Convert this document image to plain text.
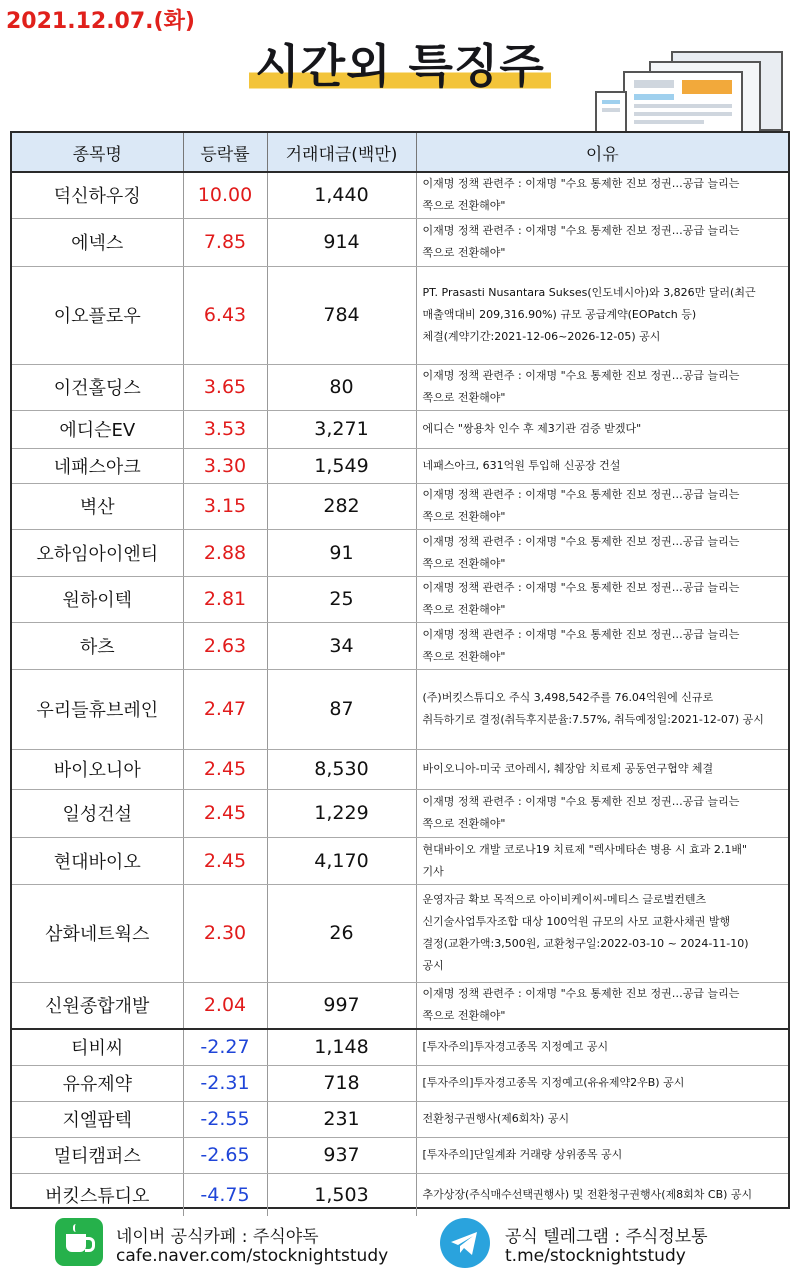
2021.12.07.(화)
시간외 특징주
종목명	등락률	거래대금(백만)	이유
덕신하우징	10.00	1,440	이재명 정책 관련주 : 이재명 "수요 통제한 진보 정권…공급 늘리는
쪽으로 전환해야"

에넥스	7.85	914	이재명 정책 관련주 : 이재명 "수요 통제한 진보 정권…공급 늘리는
쪽으로 전환해야"

이오플로우	6.43	784	PT. Prasasti Nusantara Sukses(인도네시아)와 3,826만 달러(최근
매출액대비 209,316.90%) 규모 공급계약(EOPatch 등)
체결(계약기간:2021-12-06~2026-12-05) 공시

이건홀딩스	3.65	80	이재명 정책 관련주 : 이재명 "수요 통제한 진보 정권…공급 늘리는
쪽으로 전환해야"

에디슨EV	3.53	3,271	에디슨 "쌍용차 인수 후 제3기관 검증 받겠다"

네패스아크	3.30	1,549	네패스아크, 631억원 투입해 신공장 건설

벽산	3.15	282	이재명 정책 관련주 : 이재명 "수요 통제한 진보 정권…공급 늘리는
쪽으로 전환해야"

오하임아이엔티	2.88	91	이재명 정책 관련주 : 이재명 "수요 통제한 진보 정권…공급 늘리는
쪽으로 전환해야"

원하이텍	2.81	25	이재명 정책 관련주 : 이재명 "수요 통제한 진보 정권…공급 늘리는
쪽으로 전환해야"

하츠	2.63	34	이재명 정책 관련주 : 이재명 "수요 통제한 진보 정권…공급 늘리는
쪽으로 전환해야"

우리들휴브레인	2.47	87	(주)버킷스튜디오 주식 3,498,542주를 76.04억원에 신규로
취득하기로 결정(취득후지분율:7.57%, 취득예정일:2021-12-07) 공시

바이오니아	2.45	8,530	바이오니아-미국 코아레시, 췌장암 치료제 공동연구협약 체결

일성건설	2.45	1,229	이재명 정책 관련주 : 이재명 "수요 통제한 진보 정권…공급 늘리는
쪽으로 전환해야"

현대바이오	2.45	4,170	현대바이오 개발 코로나19 치료제 "렉사메타손 병용 시 효과 2.1배"
기사

삼화네트웍스	2.30	26	운영자금 확보 목적으로 아이비케이씨-메티스 글로벌컨텐츠
신기술사업투자조합 대상 100억원 규모의 사모 교환사채권 발행
결정(교환가액:3,500원, 교환청구일:2022-03-10 ~ 2024-11-10)
공시

신원종합개발	2.04	997	이재명 정책 관련주 : 이재명 "수요 통제한 진보 정권…공급 늘리는
쪽으로 전환해야"

티비씨	-2.27	1,148	[투자주의]투자경고종목 지정예고 공시

유유제약	-2.31	718	[투자주의]투자경고종목 지정예고(유유제약2우B) 공시

지엘팜텍	-2.55	231	전환청구권행사(제6회차) 공시

멀티캠퍼스	-2.65	937	[투자주의]단일계좌 거래량 상위종목 공시

버킷스튜디오	-4.75	1,503	추가상장(주식매수선택권행사) 및 전환청구권행사(제8회차 CB) 공시
네이버 공식카페 : 주식야독
cafe.naver.com/stocknightstudy
공식 텔레그램 : 주식정보통
t.me/stocknightstudy
